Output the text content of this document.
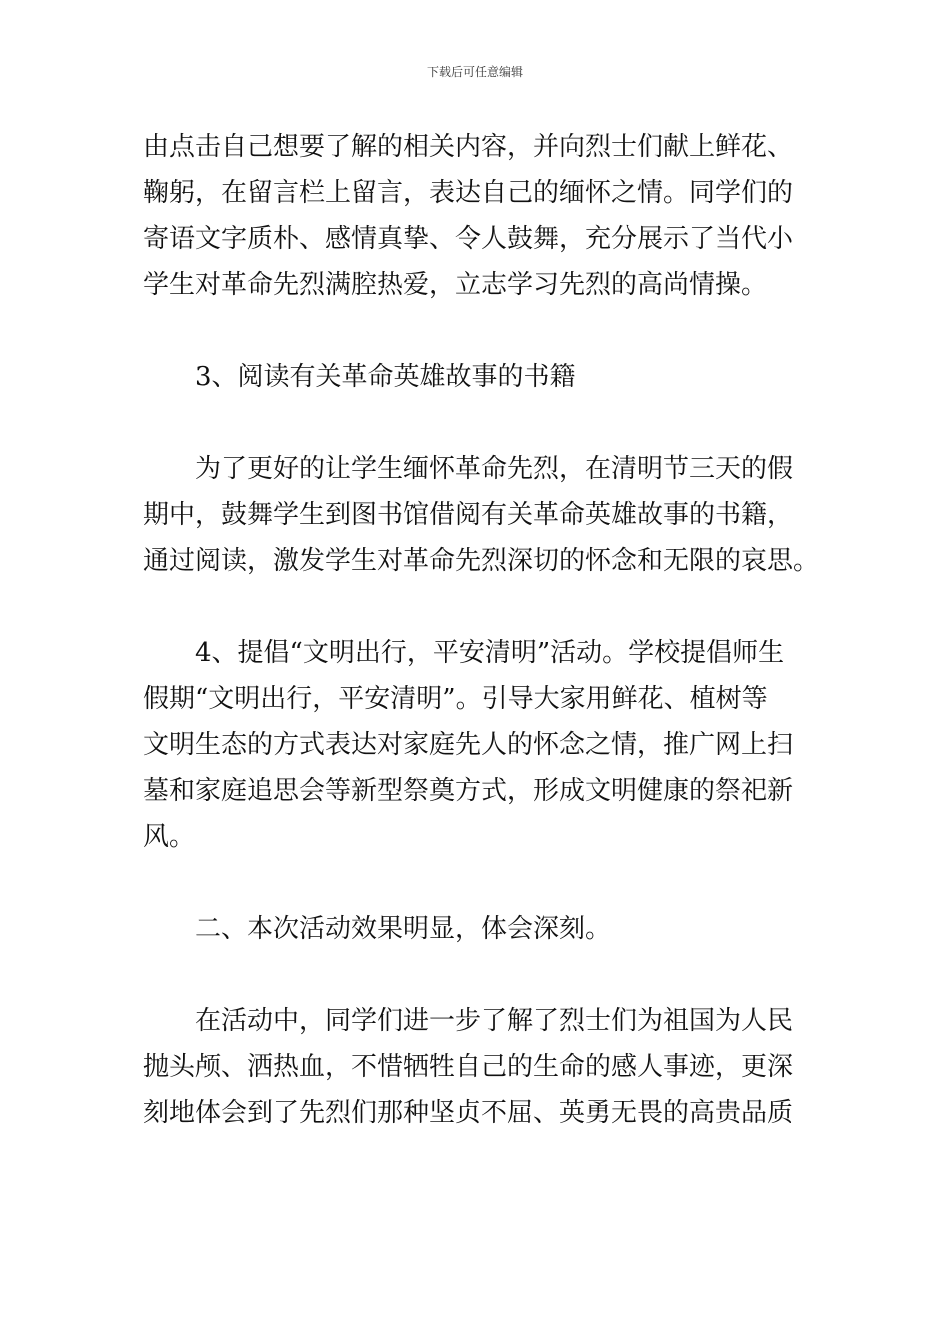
下载后可任意编辑

由点击自己想要了解的相关内容，并向烈士们献上鲜花、
鞠躬，在留言栏上留言，表达自己的缅怀之情。同学们的
寄语文字质朴、感情真挚、令人鼓舞，充分展示了当代小
学生对革命先烈满腔热爱，立志学习先烈的高尚情操。

3、阅读有关革命英雄故事的书籍

为了更好的让学生缅怀革命先烈，在清明节三天的假
期中，鼓舞学生到图书馆借阅有关革命英雄故事的书籍，
通过阅读，激发学生对革命先烈深切的怀念和无限的哀思。

4、提倡“文明出行，平安清明”活动。学校提倡师生
假期“文明出行，平安清明”。引导大家用鲜花、植树等
文明生态的方式表达对家庭先人的怀念之情，推广网上扫
墓和家庭追思会等新型祭奠方式，形成文明健康的祭祀新
风。

二、本次活动效果明显，体会深刻。

在活动中，同学们进一步了解了烈士们为祖国为人民
抛头颅、洒热血，不惜牺牲自己的生命的感人事迹，更深
刻地体会到了先烈们那种坚贞不屈、英勇无畏的高贵品质
